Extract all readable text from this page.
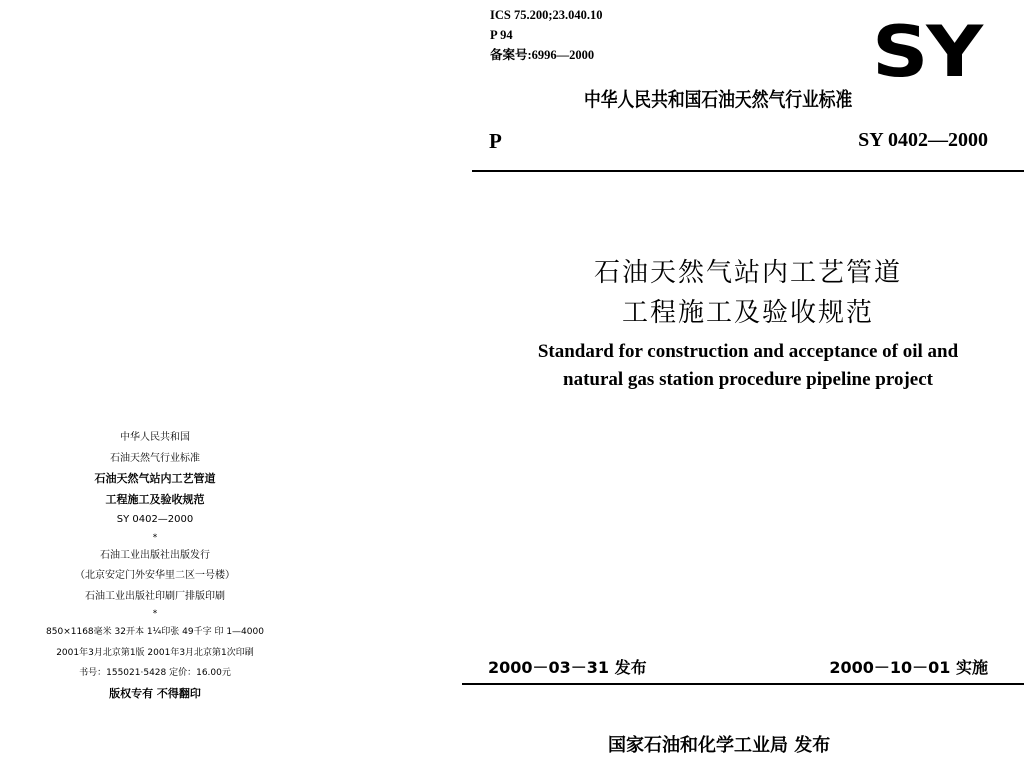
中华人民共和国
石油天然气行业标准
石油天然气站内工艺管道
工程施工及验收规范
SY 0402—2000
*
石油工业出版社出版发行
（北京安定门外安华里二区一号楼）
石油工业出版社印刷厂排版印刷
*
850×1168毫米 32开本 1¼印张 49千字 印 1—4000
2001年3月北京第1版 2001年3月北京第1次印刷
书号：155021·5428 定价：16.00元
版权专有 不得翻印
ICS 75.200;23.040.10
P 94
备案号:6996—2000	SY
中华人民共和国石油天然气行业标准
P	SY 0402—2000
石油天然气站内工艺管道
工程施工及验收规范
Standard for construction and acceptance of oil and
natural gas station procedure pipeline project
2000－03－31 发布	2000－10－01 实施
国家石油和化学工业局 发布
